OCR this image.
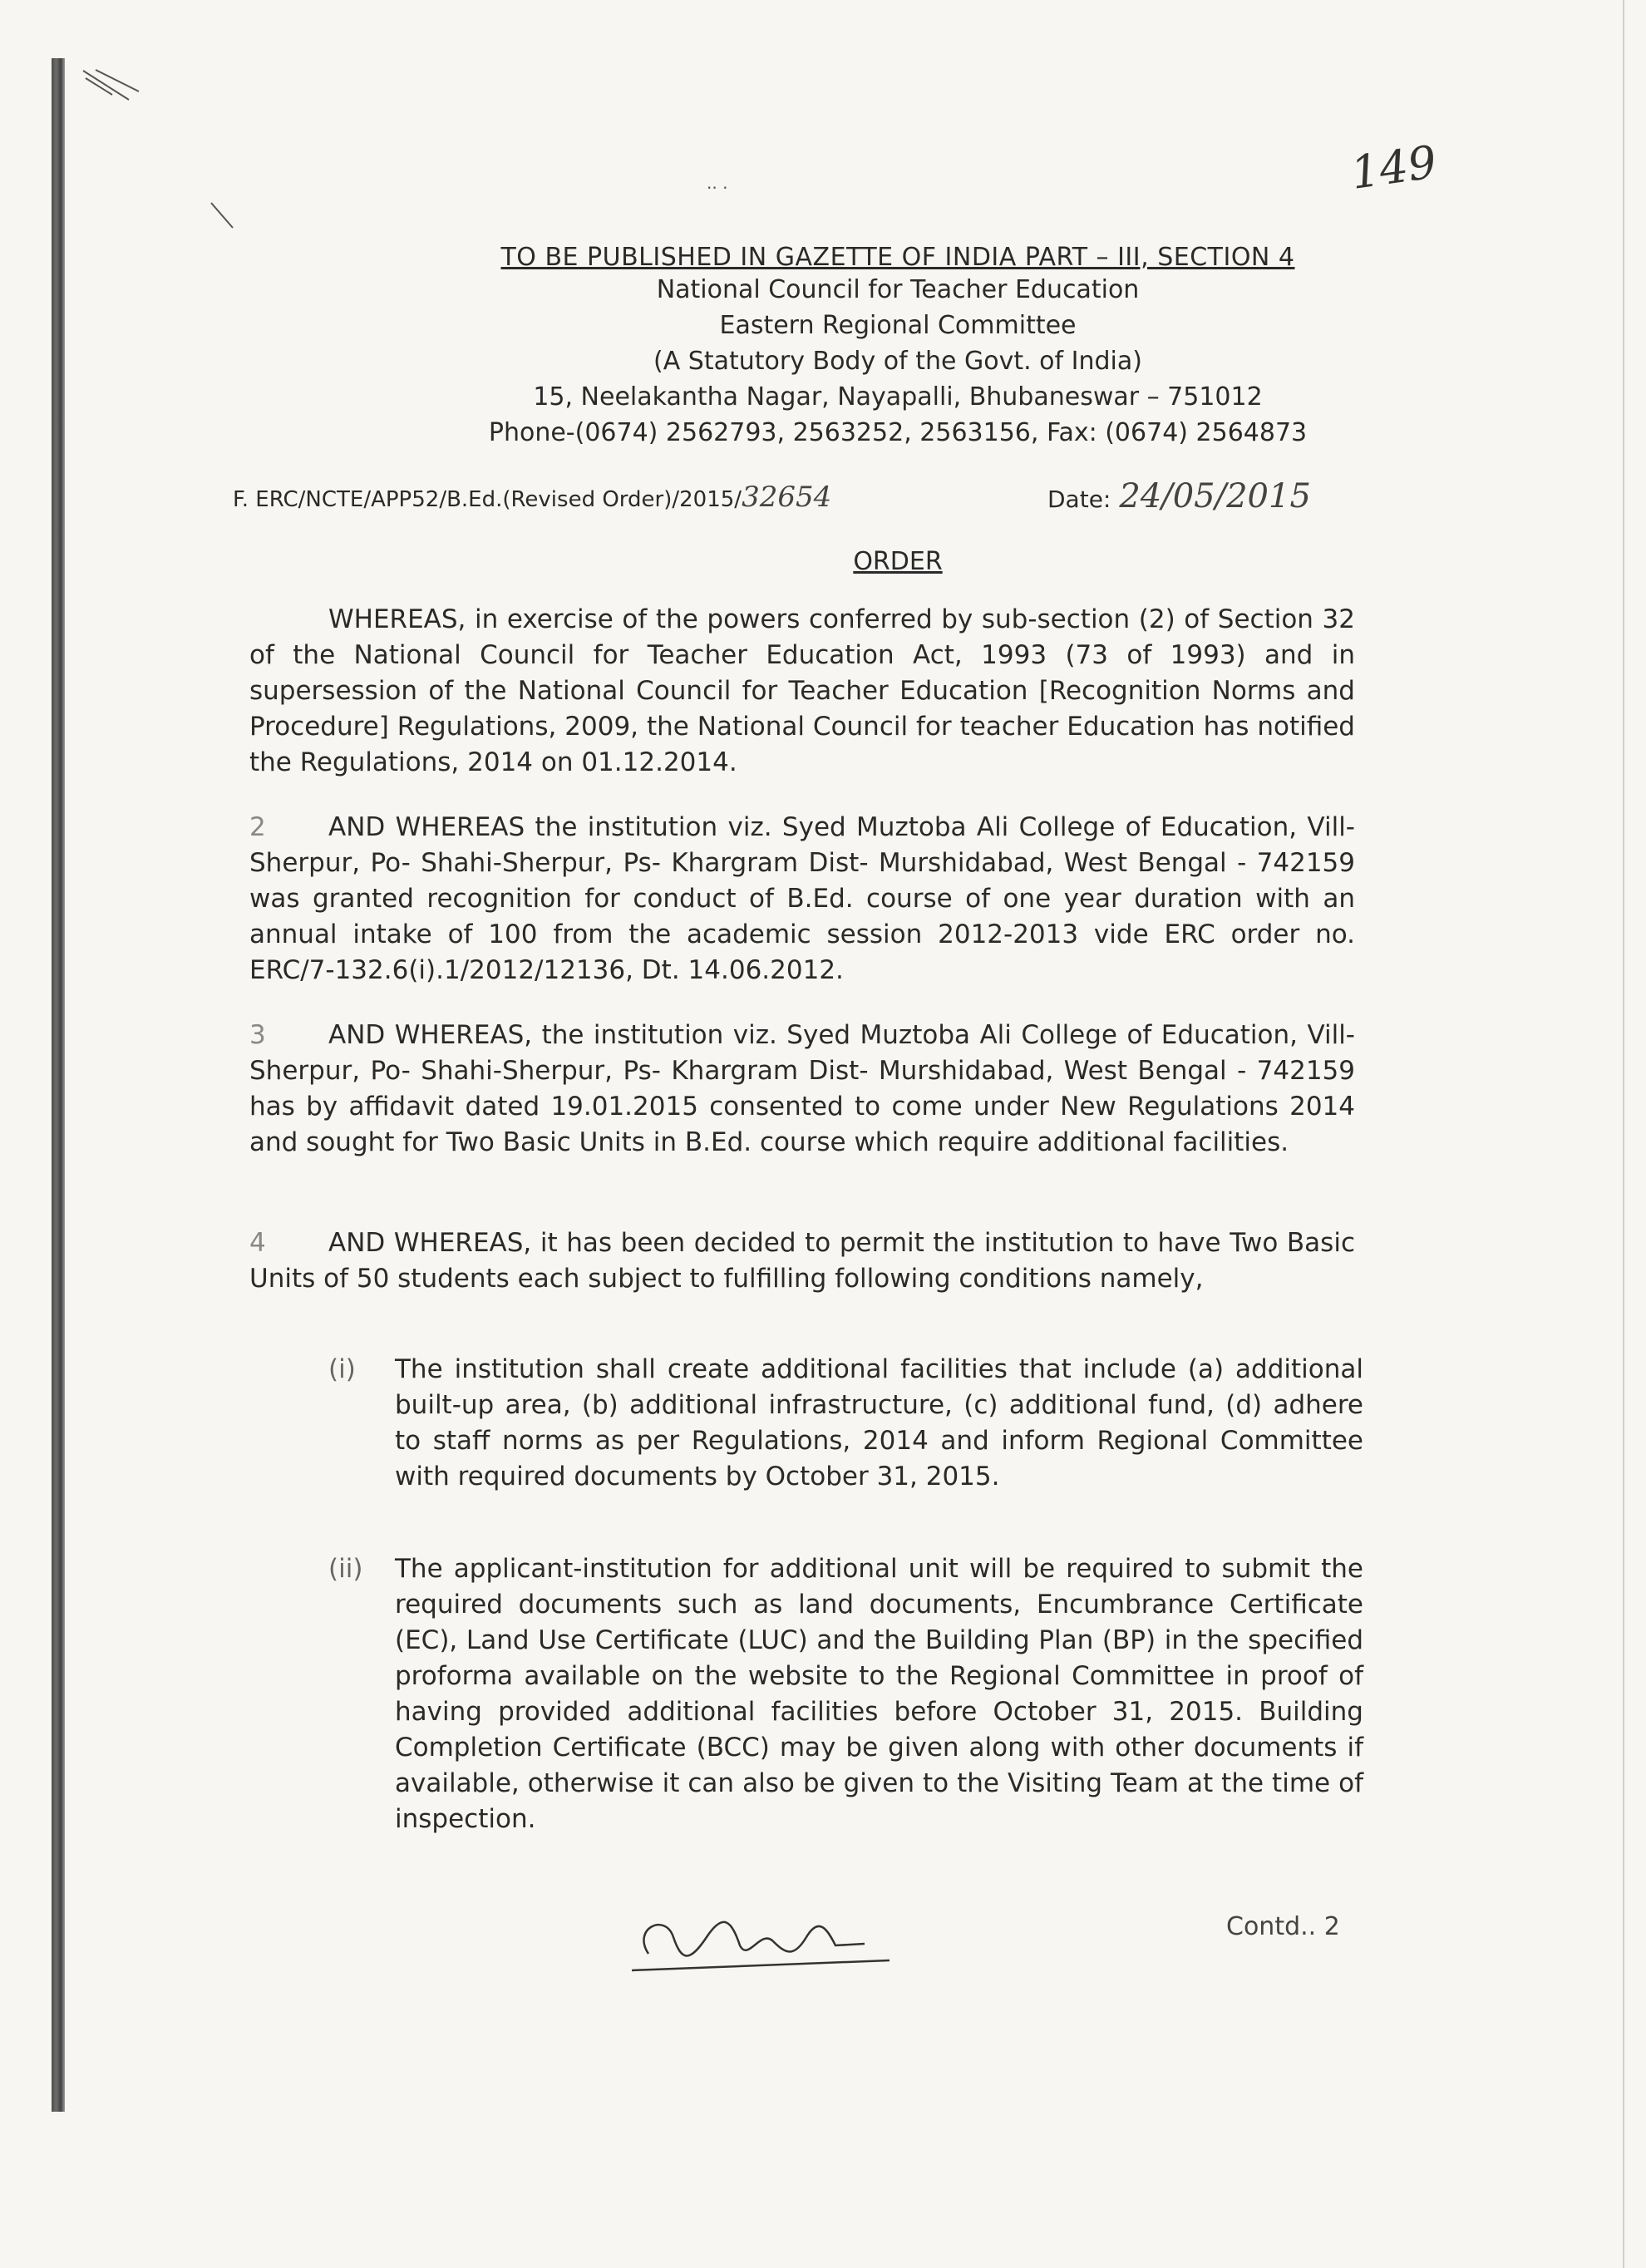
·· ·	149
TO BE PUBLISHED IN GAZETTE OF INDIA PART – III, SECTION 4
National Council for Teacher Education
Eastern Regional Committee
(A Statutory Body of the Govt. of India)
15, Neelakantha Nagar, Nayapalli, Bhubaneswar – 751012
Phone-(0674) 2562793, 2563252, 2563156, Fax: (0674) 2564873
F. ERC/NCTE/APP52/B.Ed.(Revised Order)/2015/32654	Date: 24/05/2015
ORDER
WHEREAS, in exercise of the powers conferred by sub-section (2) of Section 32 of the National Council for Teacher Education Act, 1993 (73 of 1993) and in supersession of the National Council for Teacher Education [Recognition Norms and Procedure] Regulations, 2009, the National Council for teacher Education has notified the Regulations, 2014 on 01.12.2014.
2 AND WHEREAS the institution viz. Syed Muztoba Ali College of Education, Vill- Sherpur, Po- Shahi-Sherpur, Ps- Khargram Dist- Murshidabad, West Bengal - 742159 was granted recognition for conduct of B.Ed. course of one year duration with an annual intake of 100 from the academic session 2012-2013 vide ERC order no. ERC/7-132.6(i).1/2012/12136, Dt. 14.06.2012.
3 AND WHEREAS, the institution viz. Syed Muztoba Ali College of Education, Vill- Sherpur, Po- Shahi-Sherpur, Ps- Khargram Dist- Murshidabad, West Bengal - 742159 has by affidavit dated 19.01.2015 consented to come under New Regulations 2014 and sought for Two Basic Units in B.Ed. course which require additional facilities.
4 AND WHEREAS, it has been decided to permit the institution to have Two Basic Units of 50 students each subject to fulfilling following conditions namely,
(i) The institution shall create additional facilities that include (a) additional built-up area, (b) additional infrastructure, (c) additional fund, (d) adhere to staff norms as per Regulations, 2014 and inform Regional Committee with required documents by October 31, 2015.
(ii) The applicant-institution for additional unit will be required to submit the required documents such as land documents, Encumbrance Certificate (EC), Land Use Certificate (LUC) and the Building Plan (BP) in the specified proforma available on the website to the Regional Committee in proof of having provided additional facilities before October 31, 2015. Building Completion Certificate (BCC) may be given along with other documents if available, otherwise it can also be given to the Visiting Team at the time of inspection.
Contd.. 2
